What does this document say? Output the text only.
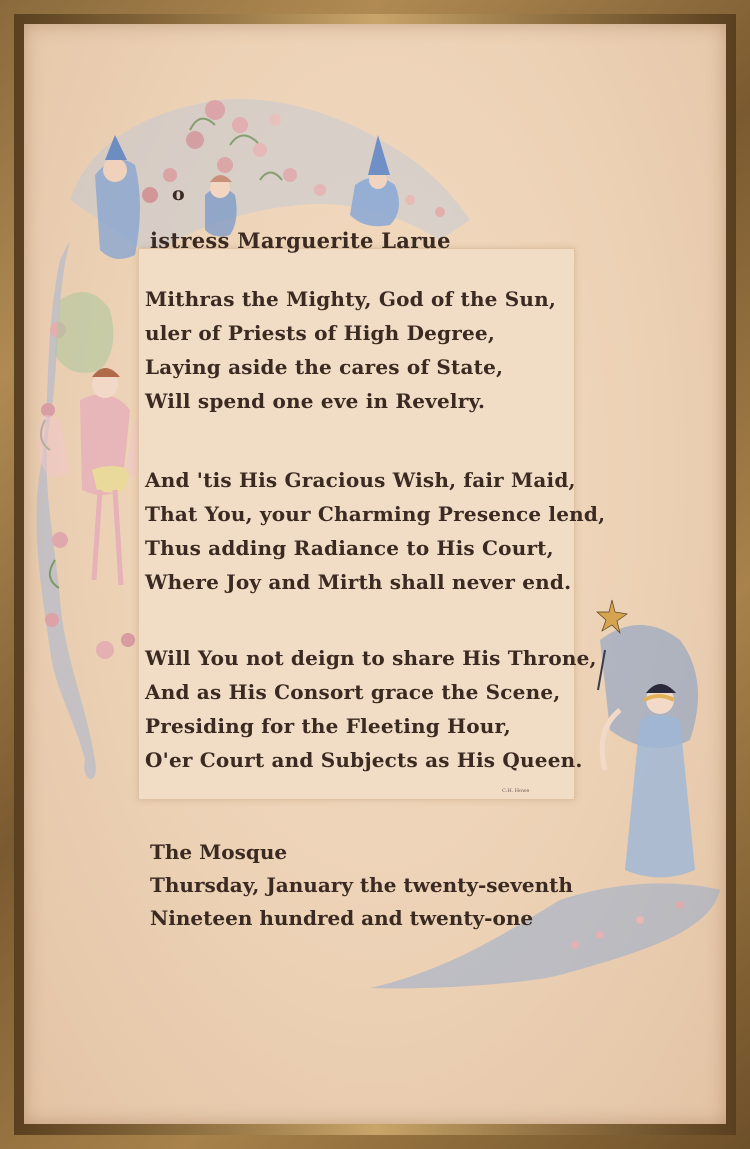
o
istress Marguerite Larue
Mithras the Mighty, God of the Sun,
uler of Priests of High Degree,
Laying aside the cares of State,
Will spend one eve in Revelry.
And 'tis His Gracious Wish, fair Maid,
That You, your Charming Presence lend,
Thus adding Radiance to His Court,
Where Joy and Mirth shall never end.
Will You not deign to share His Throne,
And as His Consort grace the Scene,
Presiding for the Fleeting Hour,
O'er Court and Subjects as His Queen.
C.H. Howe
The Mosque
Thursday, January the twenty-seventh
Nineteen hundred and twenty-one
